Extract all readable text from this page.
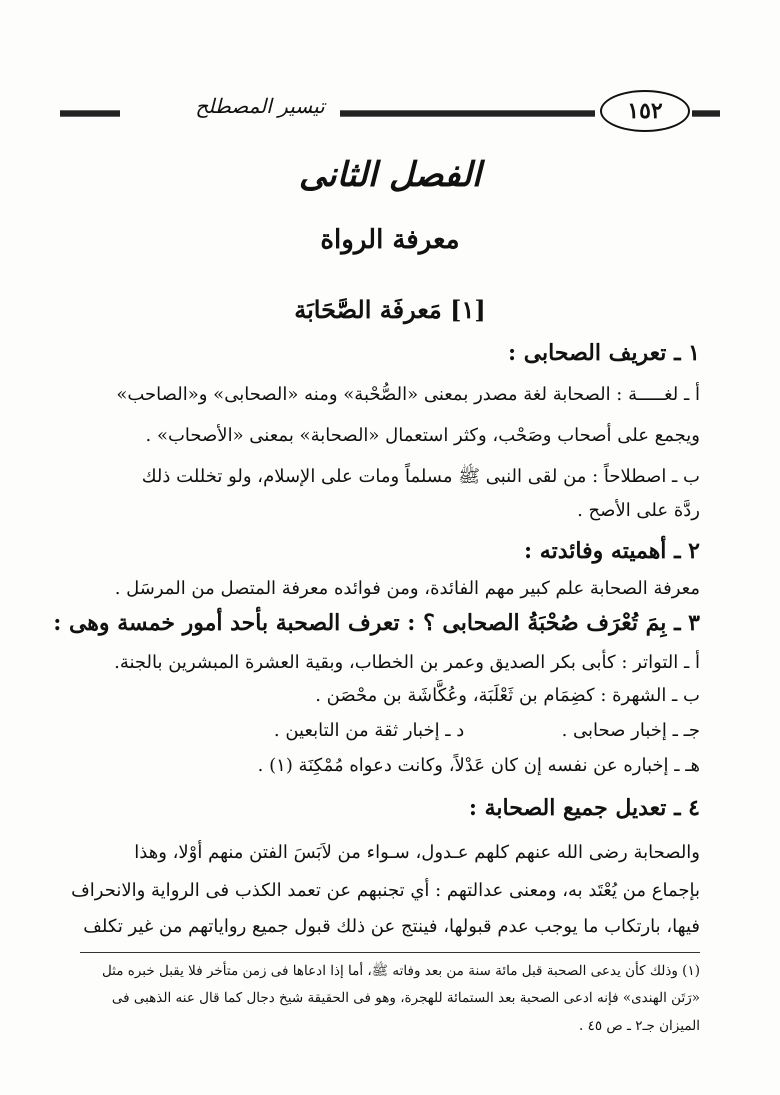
تيسير المصطلح	١٥٢
الفصل الثانى
معرفة الرواة
[١] مَعرفَة الصَّحَابَة
١ ـ تعريف الصحابى :
أ ـ لغـــــة : الصحابة لغة مصدر بمعنى «الصُّحْبة» ومنه «الصحابى» و«الصاحب»
ويجمع على أصحاب وصَحْب، وكثر استعمال «الصحابة» بمعنى «الأصحاب» .
ب ـ اصطلاحاً : من لقى النبى ﷺ مسلماً ومات على الإسلام، ولو تخللت ذلك
ردَّة على الأصح .
٢ ـ أهميته وفائدته :
معرفة الصحابة علم كبير مهم الفائدة، ومن فوائده معرفة المتصل من المرسَل .
٣ ـ بِمَ تُعْرَف صُحْبَةُ الصحابى ؟ : تعرف الصحبة بأحد أمور خمسة وهى :
أ ـ التواتر : كأبى بكر الصديق وعمر بن الخطاب، وبقية العشرة المبشرين بالجنة.
ب ـ الشهرة : كضِمَام بن ثَعْلَبَة، وعُكَّاشَة بن محْصَن .
جـ ـ إخبار صحابى .                 د ـ إخبار ثقة من التابعين .
هـ ـ إخباره عن نفسه إن كان عَدْلاً، وكانت دعواه مُمْكِنَة (١) .
٤ ـ تعديل جميع الصحابة :
والصحابة رضى الله عنهم كلهم عـدول، سـواء من لاَبَسَ الفتن منهم أوْلا، وهذا
بإجماع من يُعْتَد به، ومعنى عدالتهم : أي تجنبهم عن تعمد الكذب فى الرواية والانحراف
فيها، بارتكاب ما يوجب عدم قبولها، فينتج عن ذلك قبول جميع رواياتهم من غير تكلف
(١) وذلك كأن يدعى الصحبة قبل مائة سنة من بعد وفاته ﷺ، أما إذا ادعاها فى زمن متأخر فلا يقبل خبره مثل
«رَتَن الهندى» فإنه ادعى الصحبة بعد الستمائة للهجرة، وهو فى الحقيقة شيخ دجال كما قال عنه الذهبى فى
الميزان جـ٢ ـ ص ٤٥ .
